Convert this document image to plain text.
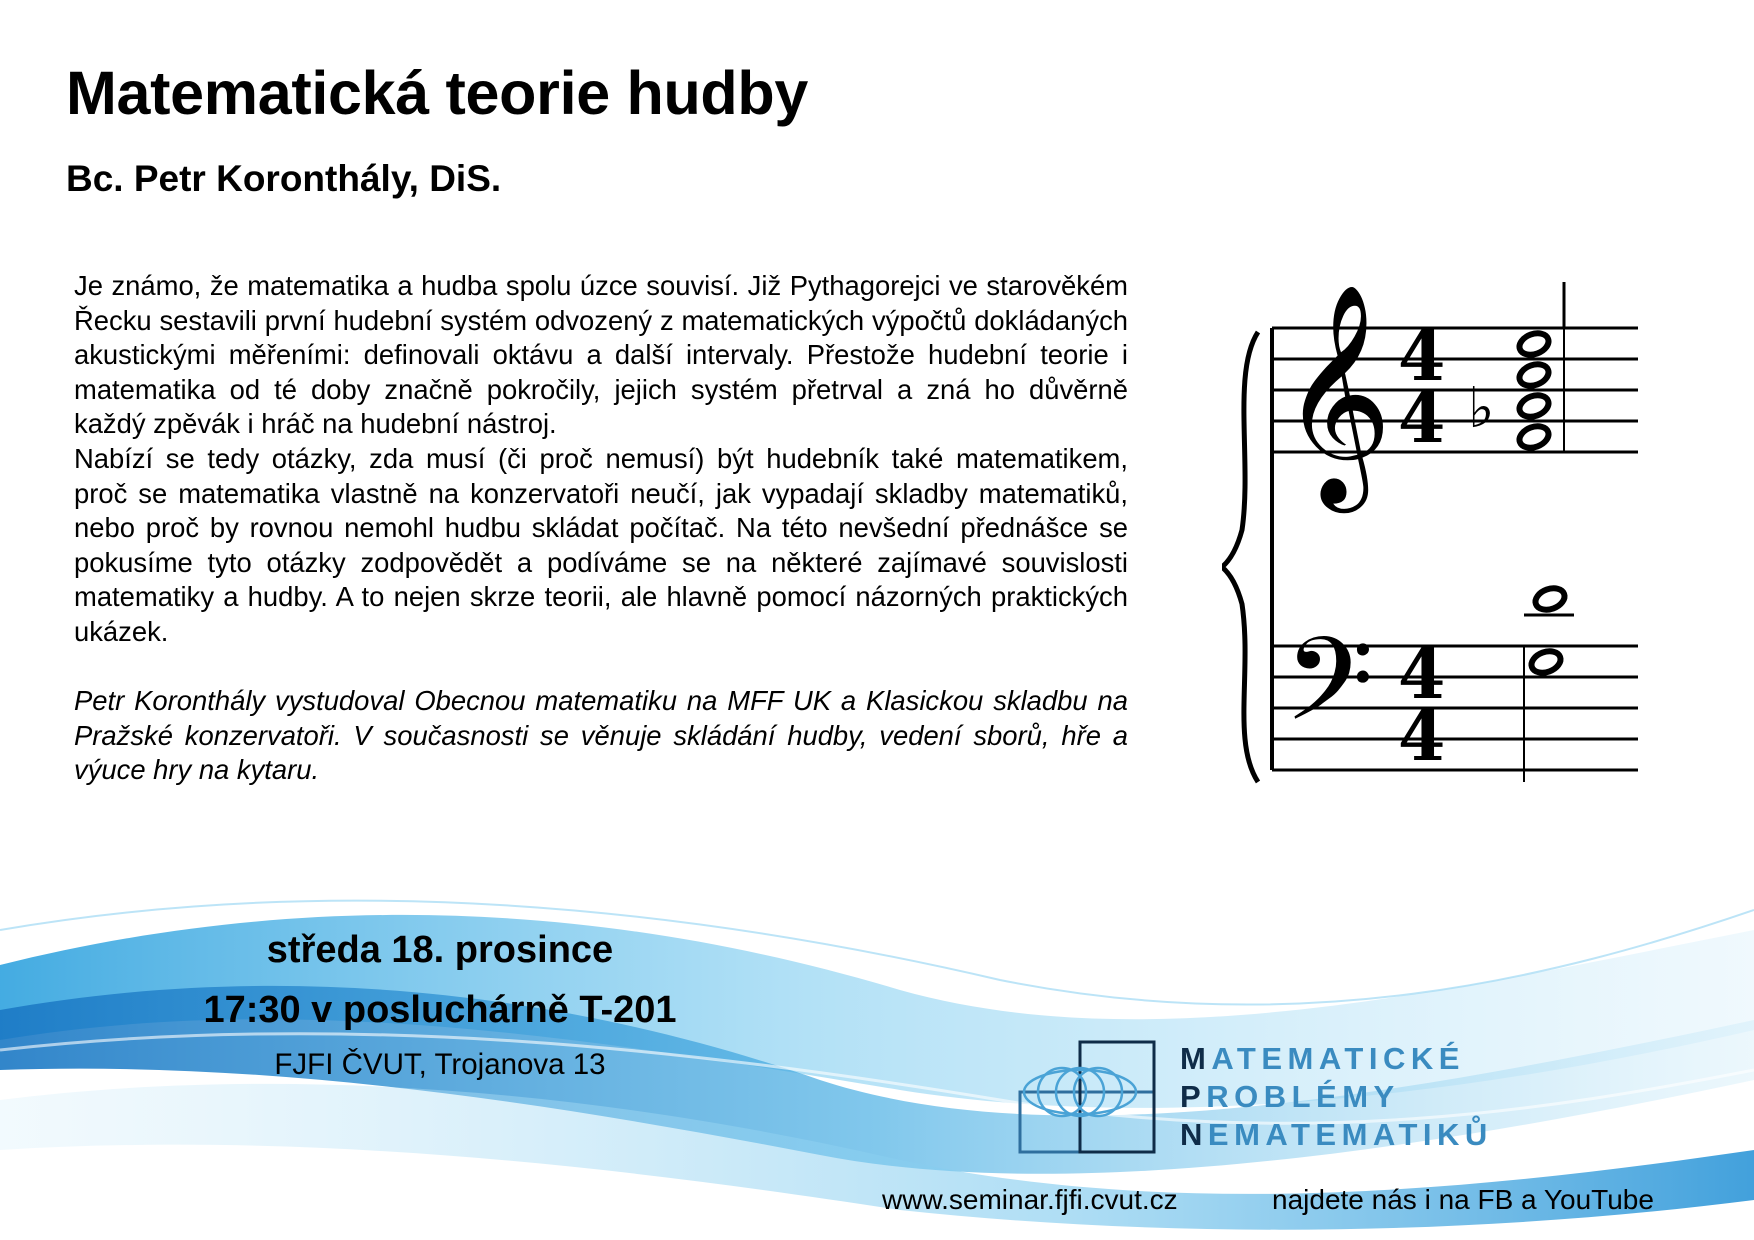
Matematická teorie hudby
Bc. Petr Koronthály, DiS.

Je známo, že matematika a hudba spolu úzce souvisí. Již Pythagorejci ve starověkém Řecku sestavili první hudební systém odvozený z matematických výpočtů dokládaných akustickými měřeními: definovali oktávu a další intervaly. Přestože hudební teorie i matematika od té doby značně pokročily, jejich systém přetrval a zná ho důvěrně každý zpěvák i hráč na hudební nástroj.

Nabízí se tedy otázky, zda musí (či proč nemusí) být hudebník také matematikem, proč se matematika vlastně na konzervatoři neučí, jak vypadají skladby matematiků, nebo proč by rovnou nemohl hudbu skládat počítač. Na této nevšední přednášce se pokusíme tyto otázky zodpovědět a podíváme se na některé zajímavé souvislosti matematiky a hudby. A to nejen skrze teorii, ale hlavně pomocí názorných praktických ukázek.

Petr Koronthály vystudoval Obecnou matematiku na MFF UK a Klasickou skladbu na Pražské konzervatoři. V současnosti se věnuje skládání hudby, vedení sborů, hře a výuce hry na kytaru.

𝄞
𝄢
4
4
4
4
♭
středa 18. prosince
17:30 v posluchárně T-201
FJFI ČVUT, Trojanova 13	MATEMATICKÉ
PROBLÉMY
NEMATEMATIKŮ
www.seminar.fjfi.cvut.cz	najdete nás i na FB a YouTube
